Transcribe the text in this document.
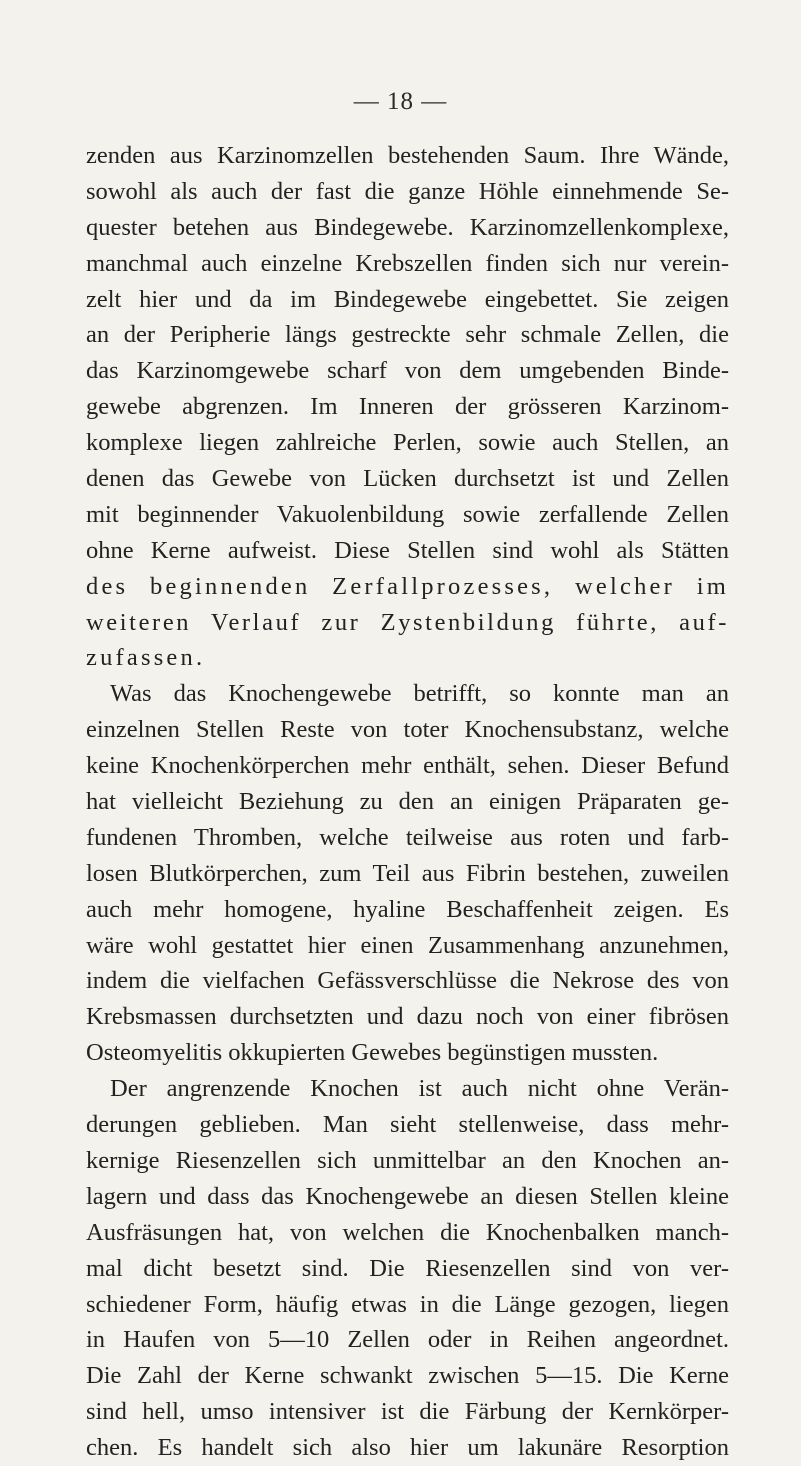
— 18 —
zenden aus Karzinomzellen bestehenden Saum. Ihre Wände,
sowohl als auch der fast die ganze Höhle einnehmende Se-
quester betehen aus Bindegewebe. Karzinomzellenkomplexe,
manchmal auch einzelne Krebszellen finden sich nur verein-
zelt hier und da im Bindegewebe eingebettet. Sie zeigen
an der Peripherie längs gestreckte sehr schmale Zellen, die
das Karzinomgewebe scharf von dem umgebenden Binde-
gewebe abgrenzen. Im Inneren der grösseren Karzinom-
komplexe liegen zahlreiche Perlen, sowie auch Stellen, an
denen das Gewebe von Lücken durchsetzt ist und Zellen
mit beginnender Vakuolenbildung sowie zerfallende Zellen
ohne Kerne aufweist. Diese Stellen sind wohl als Stätten
des beginnenden Zerfallprozesses, welcher im
weiteren Verlauf zur Zystenbildung führte, auf-
zufassen.
Was das Knochengewebe betrifft, so konnte man an
einzelnen Stellen Reste von toter Knochensubstanz, welche
keine Knochenkörperchen mehr enthält, sehen. Dieser Befund
hat vielleicht Beziehung zu den an einigen Präparaten ge-
fundenen Thromben, welche teilweise aus roten und farb-
losen Blutkörperchen, zum Teil aus Fibrin bestehen, zuweilen
auch mehr homogene, hyaline Beschaffenheit zeigen. Es
wäre wohl gestattet hier einen Zusammenhang anzunehmen,
indem die vielfachen Gefässverschlüsse die Nekrose des von
Krebsmassen durchsetzten und dazu noch von einer fibrösen
Osteomyelitis okkupierten Gewebes begünstigen mussten.
Der angrenzende Knochen ist auch nicht ohne Verän-
derungen geblieben. Man sieht stellenweise, dass mehr-
kernige Riesenzellen sich unmittelbar an den Knochen an-
lagern und dass das Knochengewebe an diesen Stellen kleine
Ausfräsungen hat, von welchen die Knochenbalken manch-
mal dicht besetzt sind. Die Riesenzellen sind von ver-
schiedener Form, häufig etwas in die Länge gezogen, liegen
in Haufen von 5—10 Zellen oder in Reihen angeordnet.
Die Zahl der Kerne schwankt zwischen 5—15. Die Kerne
sind hell, umso intensiver ist die Färbung der Kernkörper-
chen. Es handelt sich also hier um lakunäre Resorption
